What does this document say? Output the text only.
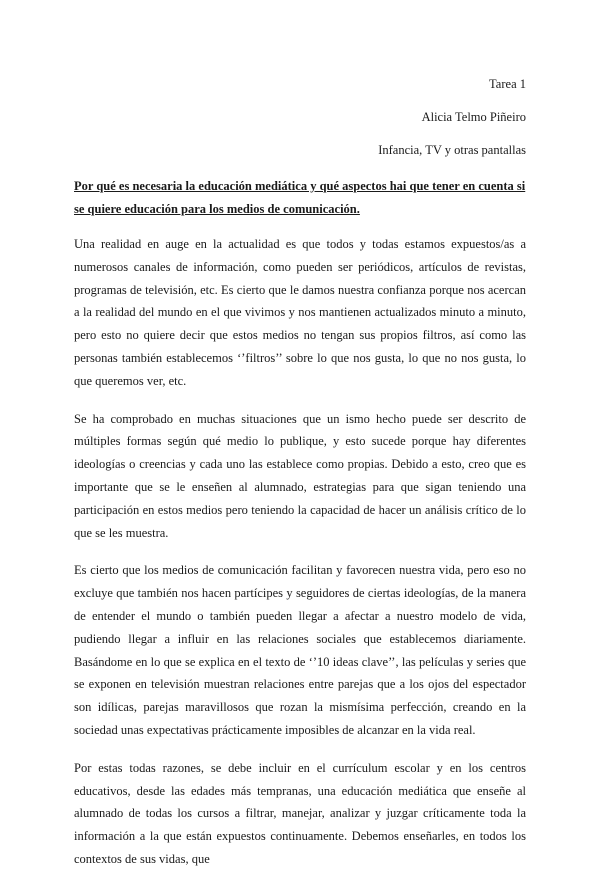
Tarea 1
Alicia Telmo Piñeiro
Infancia, TV y otras pantallas
Por qué es necesaria la educación mediática y qué aspectos hai que tener en cuenta si se quiere educación para los medios de comunicación.

Una realidad en auge en la actualidad es que todos y todas estamos expuestos/as a numerosos canales de información, como pueden ser periódicos, artículos de revistas, programas de televisión, etc. Es cierto que le damos nuestra confianza porque nos acercan a la realidad del mundo en el que vivimos y nos mantienen actualizados minuto a minuto, pero esto no quiere decir que estos medios no tengan sus propios filtros, así como las personas también establecemos ‘’filtros’’ sobre lo que nos gusta, lo que no nos gusta, lo que queremos ver, etc.

Se ha comprobado en muchas situaciones que un ismo hecho puede ser descrito de múltiples formas según qué medio lo publique, y esto sucede porque hay diferentes ideologías o creencias y cada uno las establece como propias. Debido a esto, creo que es importante que se le enseñen al alumnado, estrategias para que sigan teniendo una participación en estos medios pero teniendo la capacidad de hacer un análisis crítico de lo que se les muestra.

Es cierto que los medios de comunicación facilitan y favorecen nuestra vida, pero eso no excluye que también nos hacen partícipes y seguidores de ciertas ideologías, de la manera de entender el mundo o también pueden llegar a afectar a nuestro modelo de vida, pudiendo llegar a influir en las relaciones sociales que establecemos diariamente. Basándome en lo que se explica en el texto de ‘’10 ideas clave’’, las películas y series que se exponen en televisión muestran relaciones entre parejas que a los ojos del espectador son idílicas, parejas maravillosos que rozan la mismísima perfección, creando en la sociedad unas expectativas prácticamente imposibles de alcanzar en la vida real.

Por estas todas razones, se debe incluir en el currículum escolar y en los centros educativos, desde las edades más tempranas, una educación mediática que enseñe al alumnado de todas los cursos a filtrar, manejar, analizar y juzgar críticamente toda la información a la que están expuestos continuamente. Debemos enseñarles, en todos los contextos de sus vidas, que
